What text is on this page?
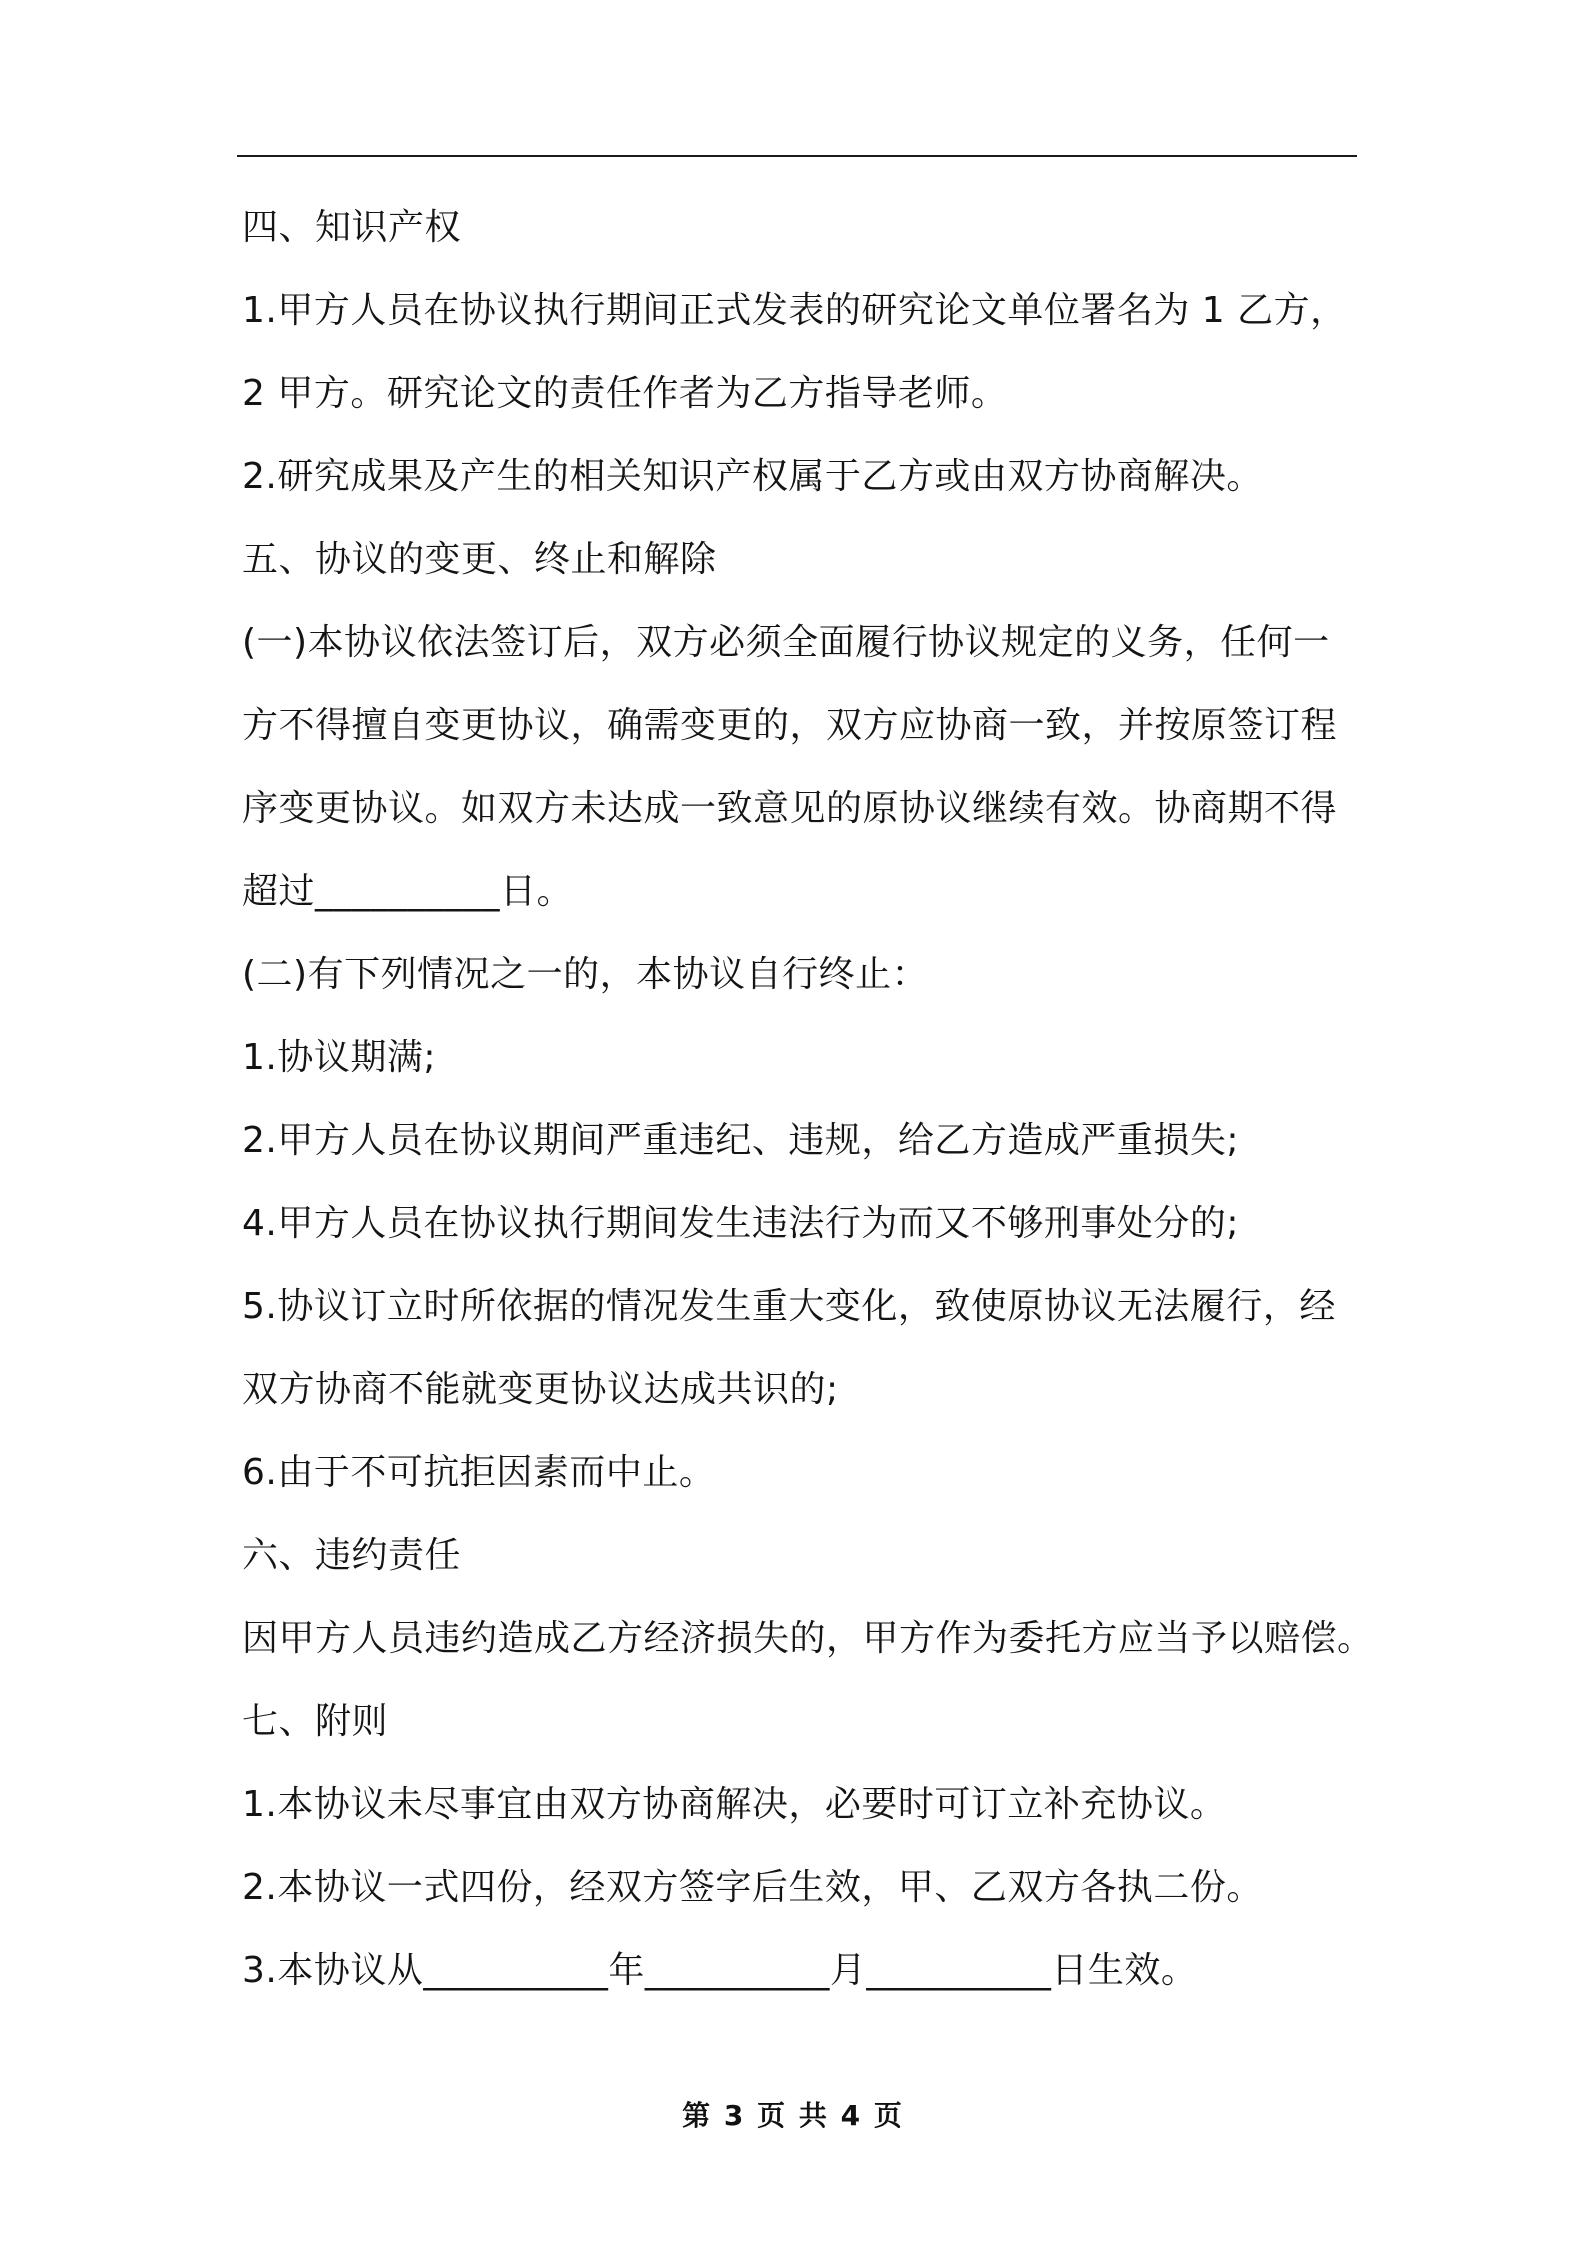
四、知识产权
1.甲方人员在协议执行期间正式发表的研究论文单位署名为 1 乙方，
2 甲方。研究论文的责任作者为乙方指导老师。
2.研究成果及产生的相关知识产权属于乙方或由双方协商解决。
五、协议的变更、终止和解除
(一)本协议依法签订后，双方必须全面履行协议规定的义务，任何一
方不得擅自变更协议，确需变更的，双方应协商一致，并按原签订程
序变更协议。如双方未达成一致意见的原协议继续有效。协商期不得
超过__________日。
(二)有下列情况之一的，本协议自行终止：
1.协议期满;
2.甲方人员在协议期间严重违纪、违规，给乙方造成严重损失;
4.甲方人员在协议执行期间发生违法行为而又不够刑事处分的;
5.协议订立时所依据的情况发生重大变化，致使原协议无法履行，经
双方协商不能就变更协议达成共识的;
6.由于不可抗拒因素而中止。
六、违约责任
因甲方人员违约造成乙方经济损失的，甲方作为委托方应当予以赔偿。
七、附则
1.本协议未尽事宜由双方协商解决，必要时可订立补充协议。
2.本协议一式四份，经双方签字后生效，甲、乙双方各执二份。
3.本协议从__________年__________月__________日生效。
第 3 页 共 4 页
